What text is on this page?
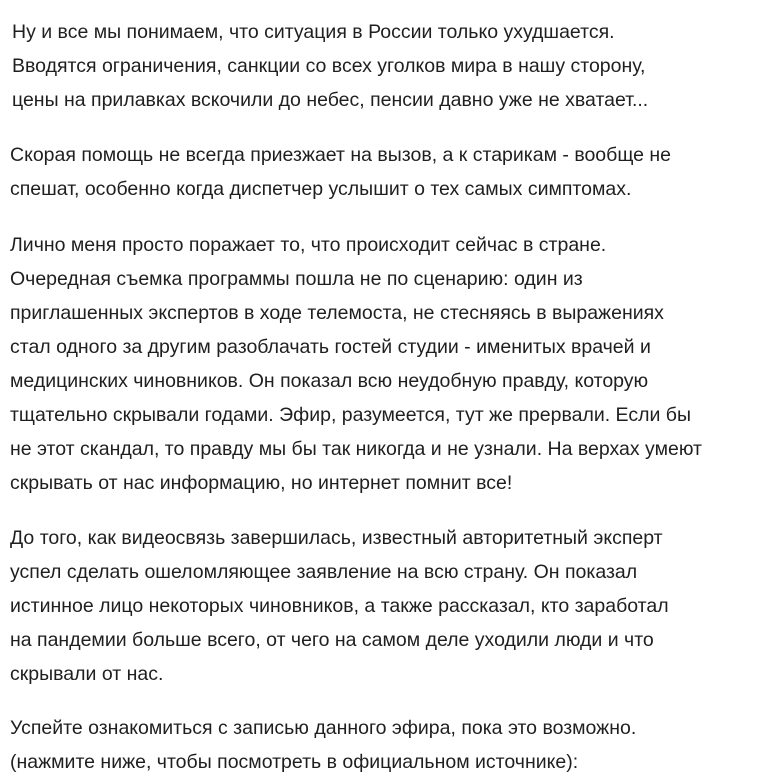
Ну и все мы понимаем, что ситуация в России только ухудшается.
Вводятся ограничения, санкции со всех уголков мира в нашу сторону,
цены на прилавках вскочили до небес, пенсии давно уже не хватает...
Скорая помощь не всегда приезжает на вызов, а к старикам - вообще не
спешат, особенно когда диспетчер услышит о тех самых симптомах.
Лично меня просто поражает то, что происходит сейчас в стране.
Очередная съемка программы пошла не по сценарию: один из
приглашенных экспертов в ходе телемоста, не стесняясь в выражениях
стал одного за другим разоблачать гостей студии - именитых врачей и
медицинских чиновников. Он показал всю неудобную правду, которую
тщательно скрывали годами. Эфир, разумеется, тут же прервали. Если бы
не этот скандал, то правду мы бы так никогда и не узнали. На верхах умеют
скрывать от нас информацию, но интернет помнит все!
До того, как видеосвязь завершилась, известный авторитетный эксперт
успел сделать ошеломляющее заявление на всю страну. Он показал
истинное лицо некоторых чиновников, а также рассказал, кто заработал
на пандемии больше всего, от чего на самом деле уходили люди и что
скрывали от нас.
Успейте ознакомиться с записью данного эфира, пока это возможно.
(нажмите ниже, чтобы посмотреть в официальном источнике):
